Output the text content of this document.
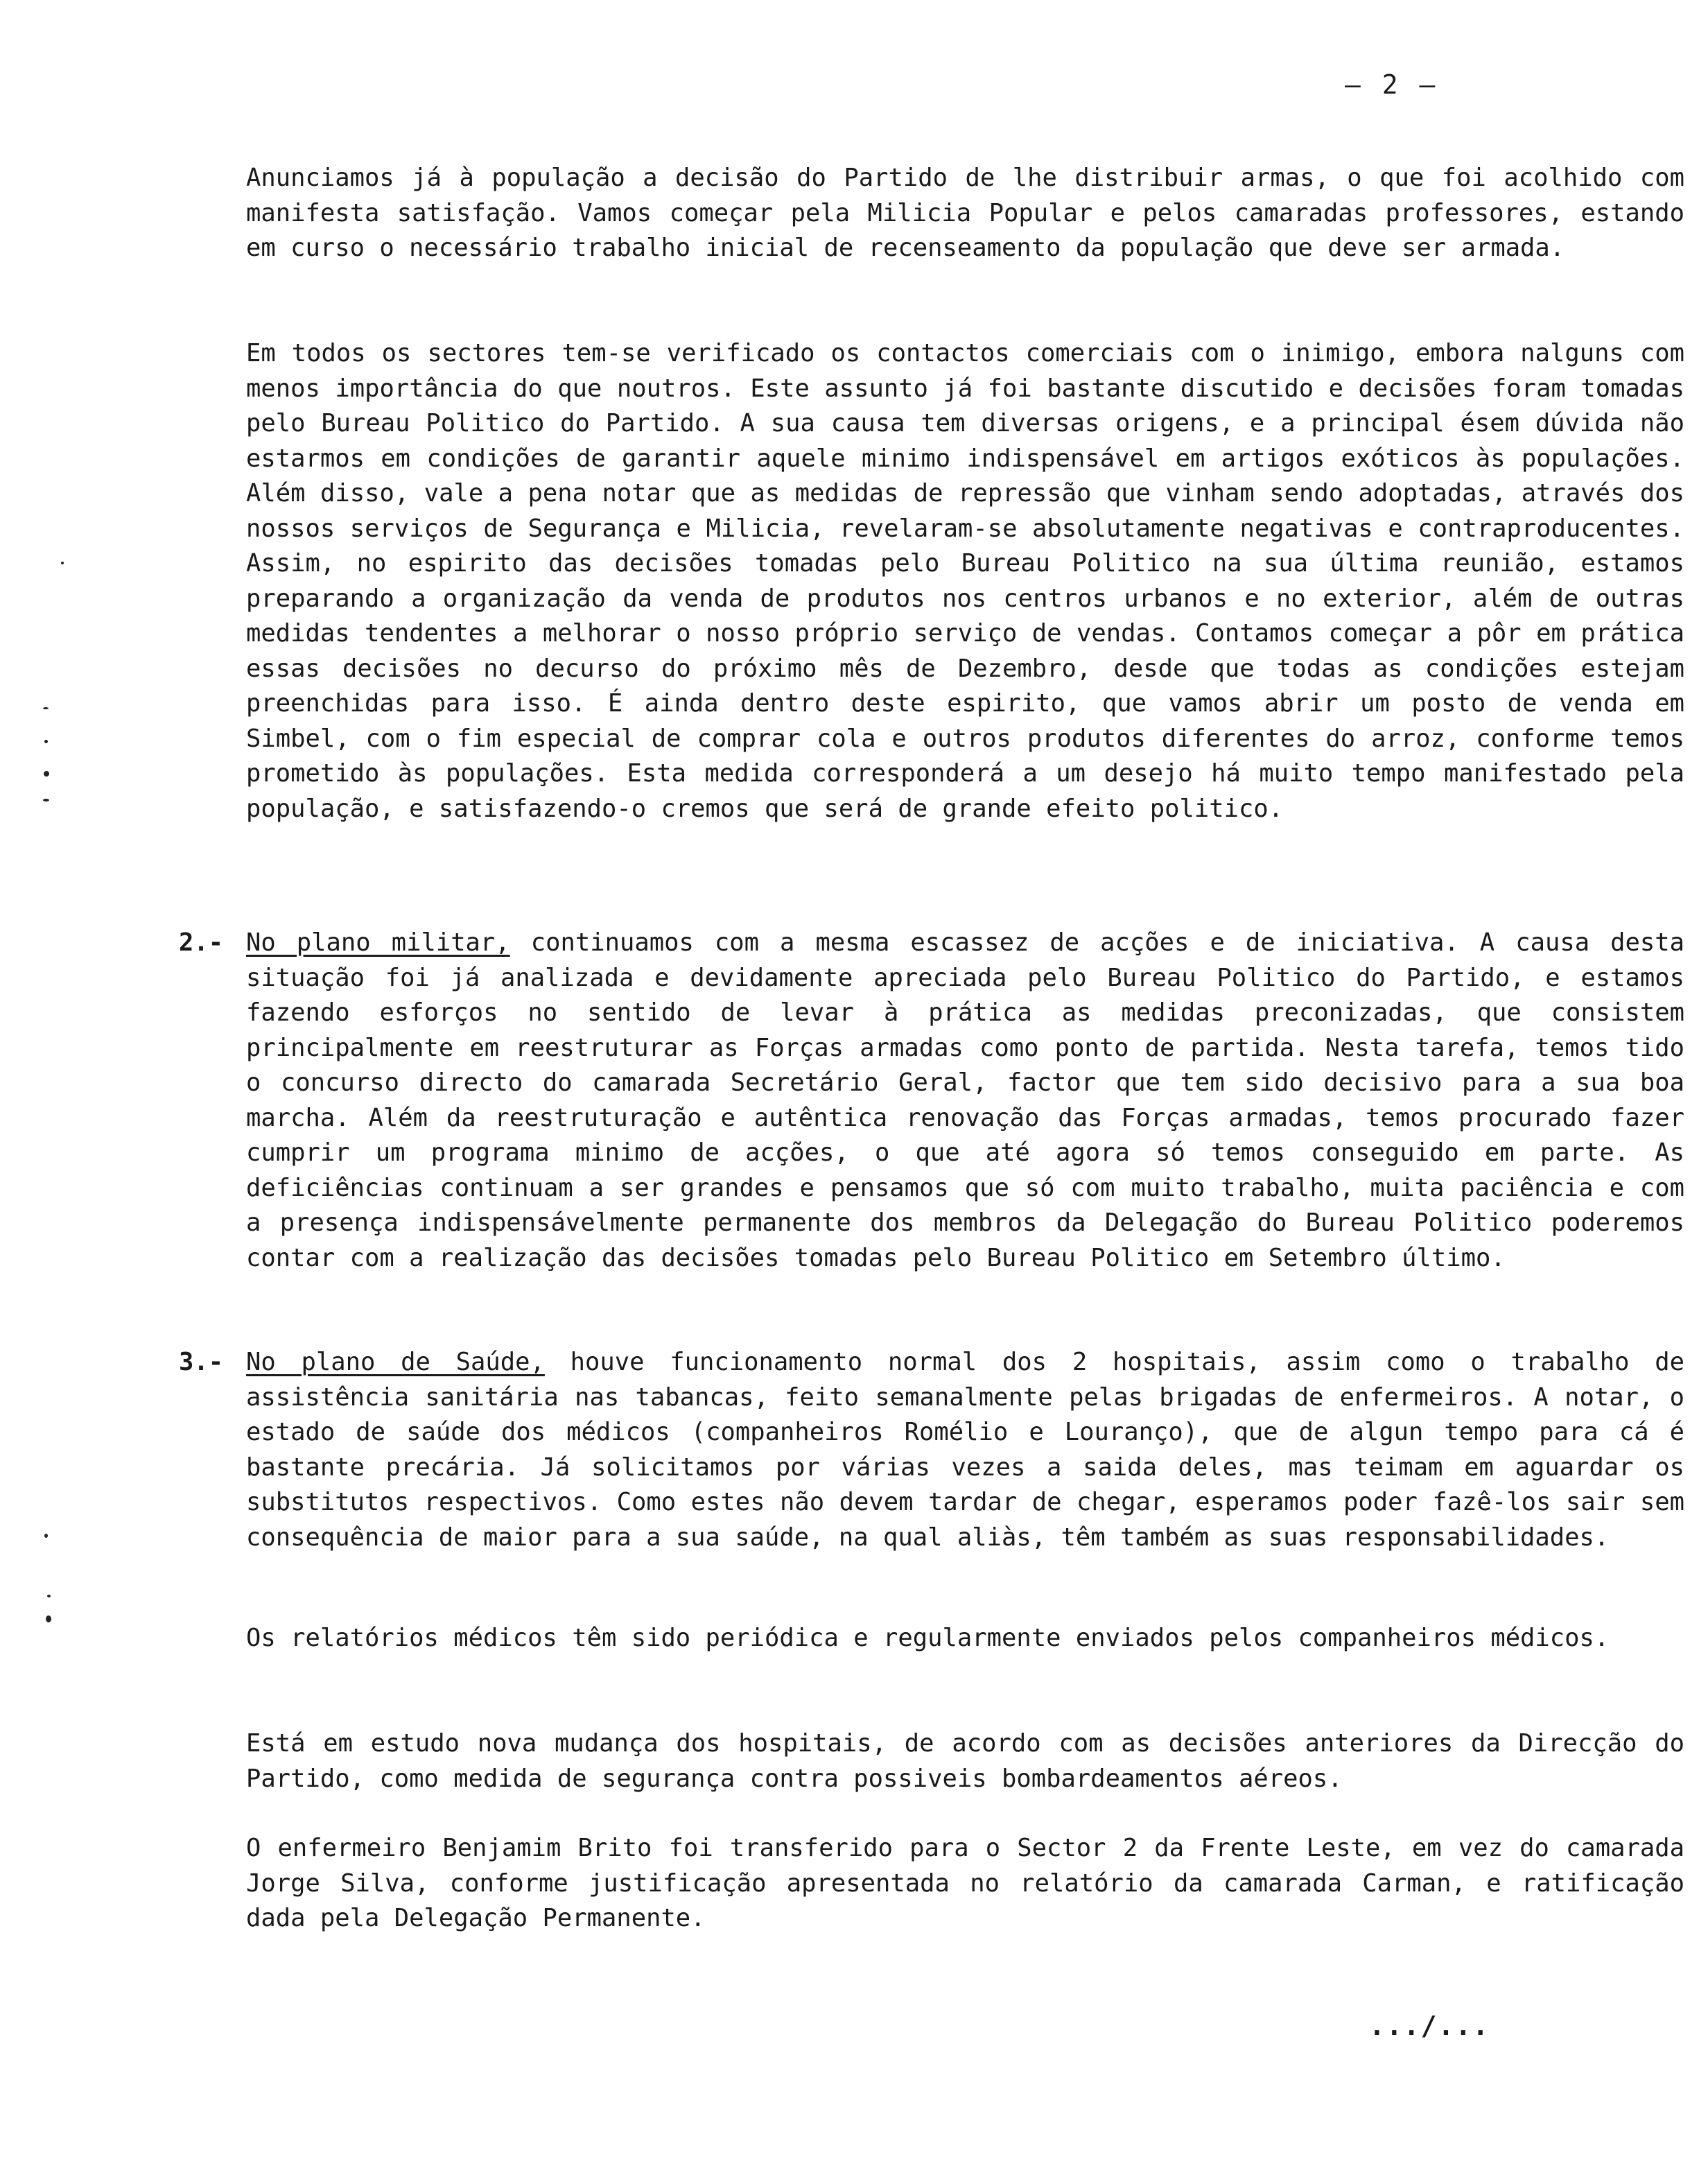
– 2 –
Anunciamos já à população a decisão do Partido de lhe distribuir armas, o que foi acolhido com manifesta satisfação. Vamos começar pela Milicia Popular e pelos camaradas professores, estando em curso o necessário trabalho inicial de recenseamento da população que deve ser armada.
Em todos os sectores tem-se verificado os contactos comerciais com o inimigo, embora nalguns com menos importância do que noutros. Este assunto já foi bastante discutido e decisões foram tomadas pelo Bureau Politico do Partido. A sua causa tem diversas origens, e a principal ésem dúvida não estarmos em condições de garantir aquele minimo indispensável em artigos exóticos às populações. Além disso, vale a pena notar que as medidas de repressão que vinham sendo adoptadas, através dos nossos serviços de Segurança e Milicia, revelaram-se absolutamente negativas e contraproducentes. Assim, no espirito das decisões tomadas pelo Bureau Politico na sua última reunião, estamos preparando a organização da venda de produtos nos centros urbanos e no exterior, além de outras medidas tendentes a melhorar o nosso próprio serviço de vendas. Contamos começar a pôr em prática essas decisões no decurso do próximo mês de Dezembro, desde que todas as condições estejam preenchidas para isso. É ainda dentro deste espirito, que vamos abrir um posto de venda em Simbel, com o fim especial de comprar cola e outros produtos diferentes do arroz, conforme temos prometido às populações. Esta medida corresponderá a um desejo há muito tempo manifestado pela população, e satisfazendo-o cremos que será de grande efeito politico.
2.- No plano militar, continuamos com a mesma escassez de acções e de iniciativa. A causa desta situação foi já analizada e devidamente apreciada pelo Bureau Politico do Partido, e estamos fazendo esforços no sentido de levar à prática as medidas preconizadas, que consistem principalmente em reestruturar as Forças armadas como ponto de partida. Nesta tarefa, temos tido o concurso directo do camarada Secretário Geral, factor que tem sido decisivo para a sua boa marcha. Além da reestruturação e autêntica renovação das Forças armadas, temos procurado fazer cumprir um programa minimo de acções, o que até agora só temos conseguido em parte. As deficiências continuam a ser grandes e pensamos que só com muito trabalho, muita paciência e com a presença indispensávelmente permanente dos membros da Delegação do Bureau Politico poderemos contar com a realização das decisões tomadas pelo Bureau Politico em Setembro último.
3.- No plano de Saúde, houve funcionamento normal dos 2 hospitais, assim como o trabalho de assistência sanitária nas tabancas, feito semanalmente pelas brigadas de enfermeiros. A notar, o estado de saúde dos médicos (companheiros Romélio e Louranço), que de algun tempo para cá é bastante precária. Já solicitamos por várias vezes a saida deles, mas teimam em aguardar os substitutos respectivos. Como estes não devem tardar de chegar, esperamos poder fazê-los sair sem consequência de maior para a sua saúde, na qual aliàs, têm também as suas responsabilidades.
Os relatórios médicos têm sido periódica e regularmente enviados pelos companheiros médicos.
Está em estudo nova mudança dos hospitais, de acordo com as decisões anteriores da Direcção do Partido, como medida de segurança contra possiveis bombardeamentos aéreos.
O enfermeiro Benjamim Brito foi transferido para o Sector 2 da Frente Leste, em vez do camarada Jorge Silva, conforme justificação apresentada no relatório da camarada Carman, e ratificação dada pela Delegação Permanente.
.../...
